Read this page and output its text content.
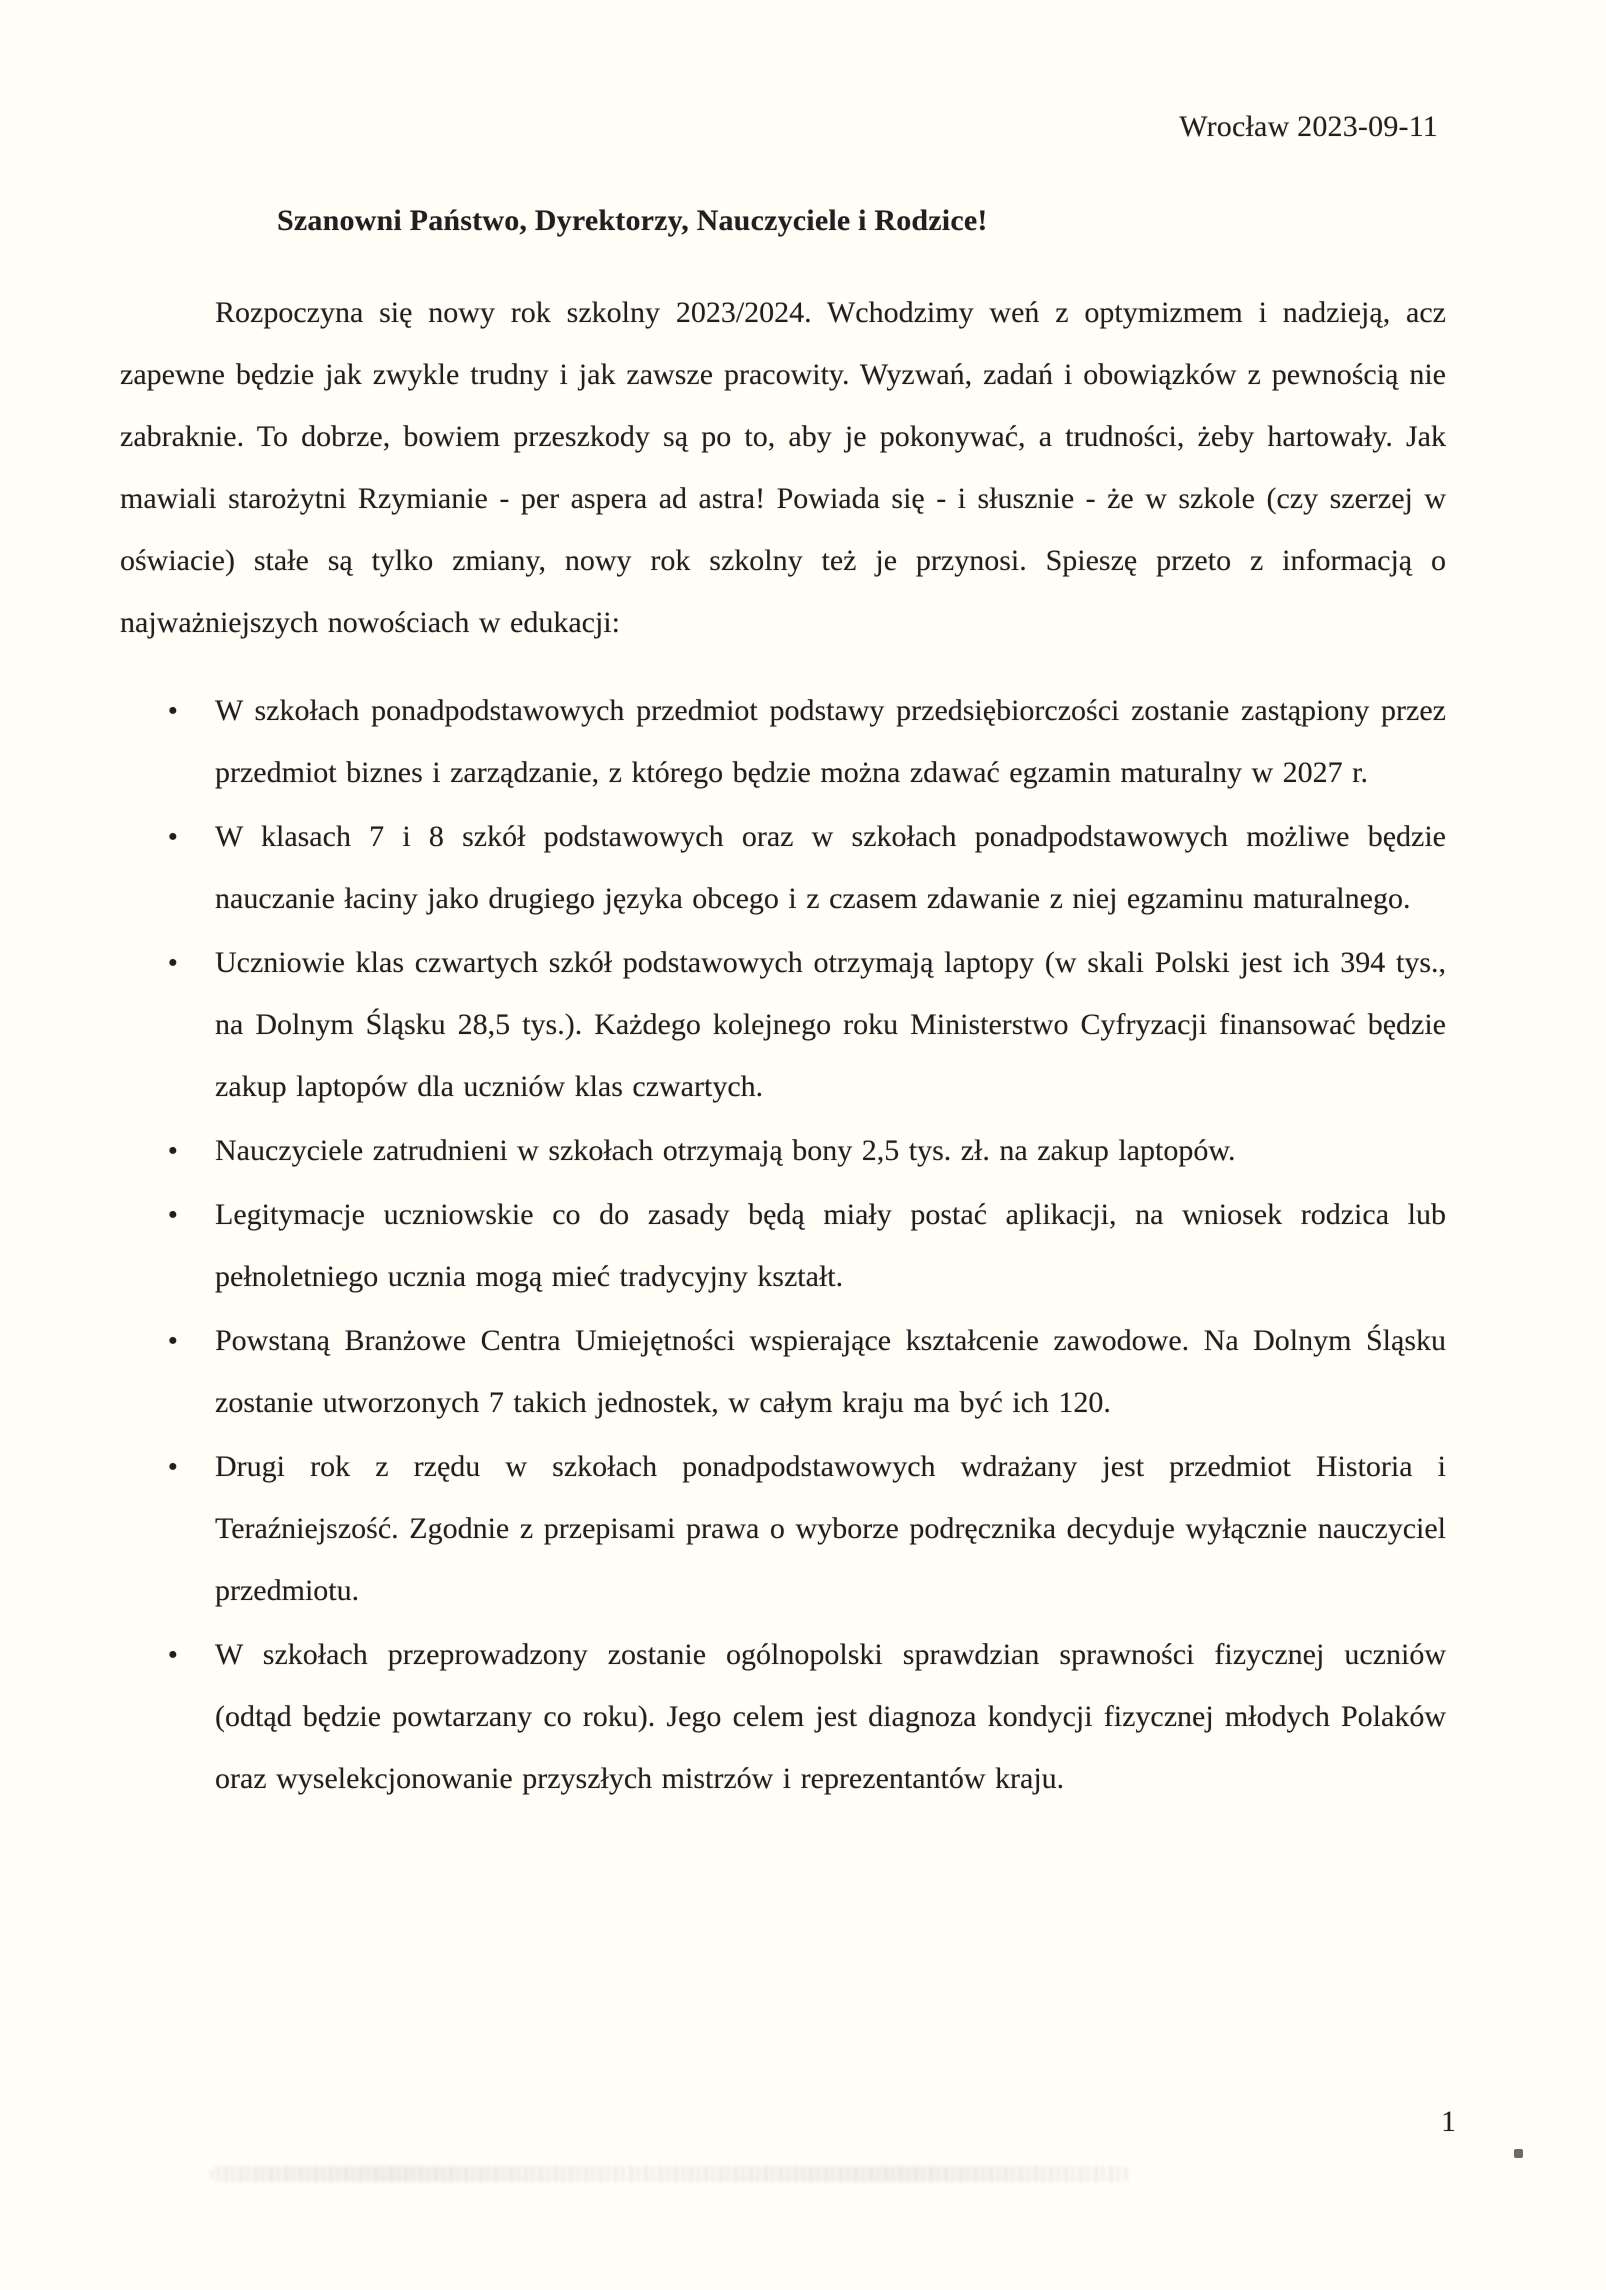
Wrocław 2023-09-11
Szanowni Państwo, Dyrektorzy, Nauczyciele i Rodzice!

Rozpoczyna się nowy rok szkolny 2023/2024. Wchodzimy weń z optymizmem i nadzieją, acz zapewne będzie jak zwykle trudny i jak zawsze pracowity. Wyzwań, zadań i obowiązków z pewnością nie zabraknie. To dobrze, bowiem przeszkody są po to, aby je pokonywać, a trudności, żeby hartowały. Jak mawiali starożytni Rzymianie - per aspera ad astra! Powiada się - i słusznie - że w szkole (czy szerzej w oświacie) stałe są tylko zmiany, nowy rok szkolny też je przynosi. Spieszę przeto z informacją o najważniejszych nowościach w edukacji:

● W szkołach ponadpodstawowych przedmiot podstawy przedsiębiorczości zostanie zastąpiony przez przedmiot biznes i zarządzanie, z którego będzie można zdawać egzamin maturalny w 2027 r.
● W klasach 7 i 8 szkół podstawowych oraz w szkołach ponadpodstawowych możliwe będzie nauczanie łaciny jako drugiego języka obcego i z czasem zdawanie z niej egzaminu maturalnego.
● Uczniowie klas czwartych szkół podstawowych otrzymają laptopy (w skali Polski jest ich 394 tys., na Dolnym Śląsku 28,5 tys.). Każdego kolejnego roku Ministerstwo Cyfryzacji finansować będzie zakup laptopów dla uczniów klas czwartych.
● Nauczyciele zatrudnieni w szkołach otrzymają bony 2,5 tys. zł. na zakup laptopów.
● Legitymacje uczniowskie co do zasady będą miały postać aplikacji, na wniosek rodzica lub pełnoletniego ucznia mogą mieć tradycyjny kształt.
● Powstaną Branżowe Centra Umiejętności wspierające kształcenie zawodowe. Na Dolnym Śląsku zostanie utworzonych 7 takich jednostek, w całym kraju ma być ich 120.
● Drugi rok z rzędu w szkołach ponadpodstawowych wdrażany jest przedmiot Historia i Teraźniejszość. Zgodnie z przepisami prawa o wyborze podręcznika decyduje wyłącznie nauczyciel przedmiotu.
● W szkołach przeprowadzony zostanie ogólnopolski sprawdzian sprawności fizycznej uczniów (odtąd będzie powtarzany co roku). Jego celem jest diagnoza kondycji fizycznej młodych Polaków oraz wyselekcjonowanie przyszłych mistrzów i reprezentantów kraju.
1
